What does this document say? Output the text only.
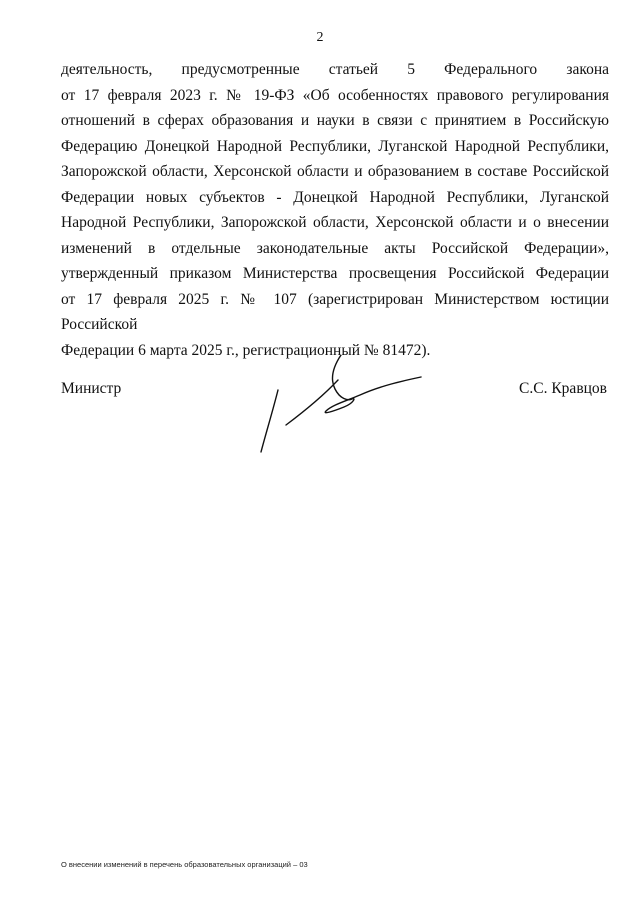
2
деятельность, предусмотренные статьей 5 Федерального закона
от 17 февраля 2023 г. № 19-ФЗ «Об особенностях правового регулирования
отношений в сферах образования и науки в связи с принятием в Российскую
Федерацию Донецкой Народной Республики, Луганской Народной Республики,
Запорожской области, Херсонской области и образованием в составе Российской
Федерации новых субъектов - Донецкой Народной Республики, Луганской
Народной Республики, Запорожской области, Херсонской области и о внесении
изменений в отдельные законодательные акты Российской Федерации»,
утвержденный приказом Министерства просвещения Российской Федерации
от 17 февраля 2025 г. № 107 (зарегистрирован Министерством юстиции Российской
Федерации 6 марта 2025 г., регистрационный № 81472).
Министр	С.С. Кравцов
О внесении изменений в перечень образовательных организаций – 03
